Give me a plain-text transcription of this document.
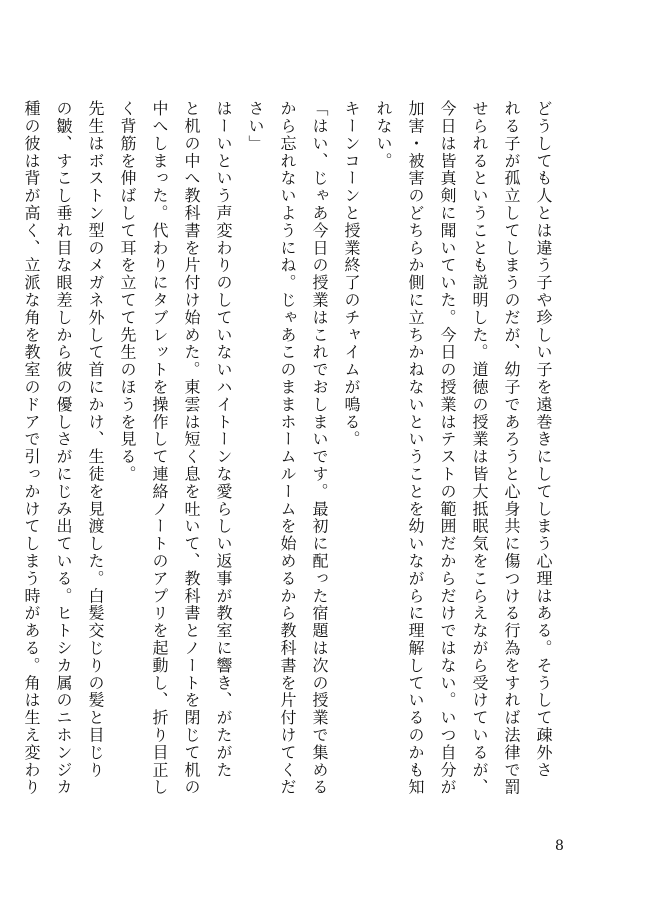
どうしても人とは違う子や珍しい子を遠巻きにしてしまう心理はある。そうして疎外さ
れる子が孤立してしまうのだが、幼子であろうと心身共に傷つける行為をすれば法律で罰
せられるということも説明した。道徳の授業は皆大抵眠気をこらえながら受けているが、
今日は皆真剣に聞いていた。今日の授業はテストの範囲だからだけではない。いつ自分が
加害・被害のどちらか側に立ちかねないということを幼いながらに理解しているのかも知
れない。
キーンコーンと授業終了のチャイムが鳴る。
「はい、じゃあ今日の授業はこれでおしまいです。最初に配った宿題は次の授業で集める
から忘れないようにね。じゃあこのままホームルームを始めるから教科書を片付けてくだ
さい」
はーいという声変わりのしていないハイトーンな愛らしい返事が教室に響き、がたがた
と机の中へ教科書を片付け始めた。東雲は短く息を吐いて、教科書とノートを閉じて机の
中へしまった。代わりにタブレットを操作して連絡ノートのアプリを起動し、折り目正し
く背筋を伸ばして耳を立てて先生のほうを見る。
先生はボストン型のメガネ外して首にかけ、生徒を見渡した。白髪交じりの髪と目じり
の皺、すこし垂れ目な眼差しから彼の優しさがにじみ出ている。ヒトシカ属のニホンジカ
種の彼は背が高く、立派な角を教室のドアで引っかけてしまう時がある。角は生え変わり
8
